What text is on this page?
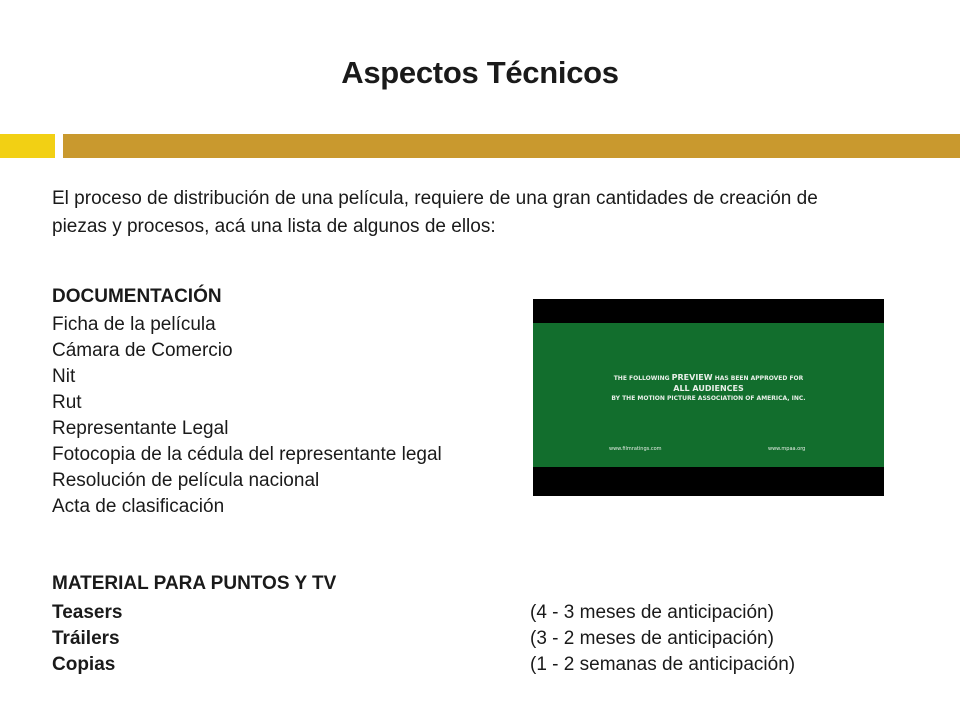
Aspectos Técnicos
El proceso de distribución de una película, requiere de una gran cantidades de creación de piezas y procesos, acá una lista de algunos de ellos:
DOCUMENTACIÓN
Ficha de la película
Cámara de Comercio
Nit
Rut
Representante Legal
Fotocopia de la cédula del representante legal
Resolución de película nacional
Acta de clasificación
MATERIAL PARA PUNTOS Y TV
Teasers	(4 - 3 meses de anticipación)
Tráilers	(3 - 2 meses de anticipación)
Copias	(1 - 2 semanas de anticipación)
THE FOLLOWING PREVIEW HAS BEEN APPROVED FOR
ALL AUDIENCES
BY THE MOTION PICTURE ASSOCIATION OF AMERICA, INC.
www.filmratings.com	www.mpaa.org
